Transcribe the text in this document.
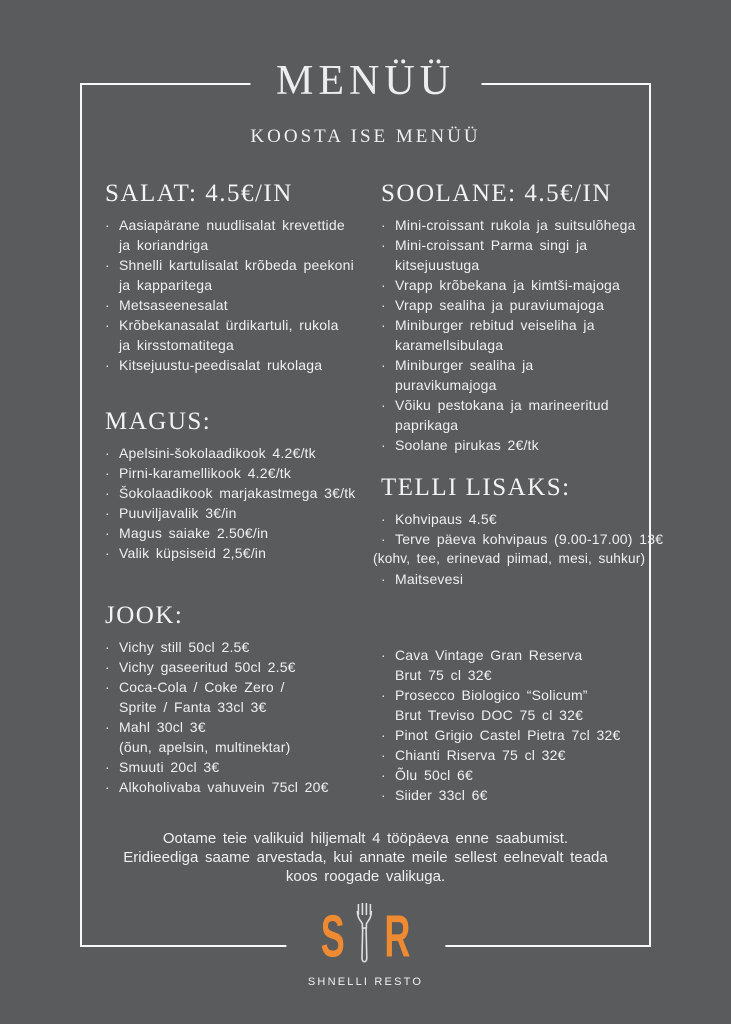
MENÜÜ
KOOSTA ISE MENÜÜ
SALAT: 4.5€/IN
· Aasiapärane nuudlisalat krevettide
ja koriandriga
· Shnelli kartulisalat krõbeda peekoni
ja kapparitega
· Metsaseenesalat
· Krõbekanasalat ürdikartuli, rukola
ja kirsstomatitega
· Kitsejuustu-peedisalat rukolaga
MAGUS:
· Apelsini-šokolaadikook 4.2€/tk
· Pirni-karamellikook 4.2€/tk
· Šokolaadikook marjakastmega 3€/tk
· Puuviljavalik 3€/in
· Magus saiake 2.50€/in
· Valik küpsiseid 2,5€/in
JOOK:
· Vichy still 50cl 2.5€
· Vichy gaseeritud 50cl 2.5€
· Coca-Cola / Coke Zero /
Sprite / Fanta 33cl 3€
· Mahl 30cl 3€
(õun, apelsin, multinektar)
· Smuuti 20cl 3€
· Alkoholivaba vahuvein 75cl 20€
SOOLANE: 4.5€/IN
· Mini-croissant rukola ja suitsulõhega
· Mini-croissant Parma singi ja
kitsejuustuga
· Vrapp krõbekana ja kimtši-majoga
· Vrapp sealiha ja puraviumajoga
· Miniburger rebitud veiseliha ja
karamellsibulaga
· Miniburger sealiha ja
puravikumajoga
· Võiku pestokana ja marineeritud
paprikaga
· Soolane pirukas 2€/tk
TELLI LISAKS:
· Kohvipaus 4.5€
· Terve päeva kohvipaus (9.00-17.00) 13€
(kohv, tee, erinevad piimad, mesi, suhkur)
· Maitsevesi
· Cava Vintage Gran Reserva
Brut 75 cl 32€
· Prosecco Biologico “Solicum”
Brut Treviso DOC 75 cl 32€
· Pinot Grigio Castel Pietra 7cl 32€
· Chianti Riserva 75 cl 32€
· Õlu 50cl 6€
· Siider 33cl 6€
Ootame teie valikuid hiljemalt 4 tööpäeva enne saabumist.
Eridieediga saame arvestada, kui annate meile sellest eelnevalt teada
koos roogade valikuga.
S R
SHNELLI RESTO
